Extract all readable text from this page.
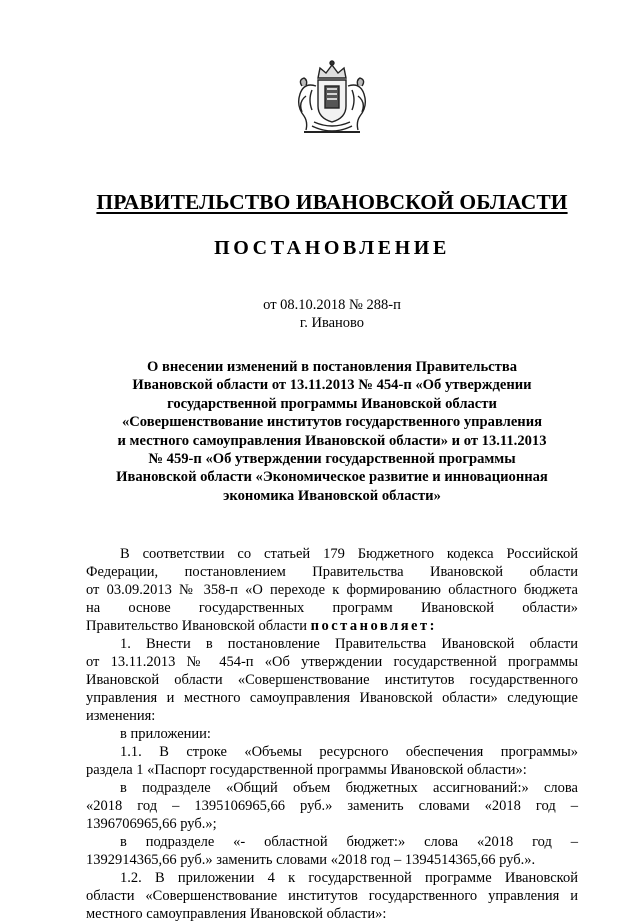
ПРАВИТЕЛЬСТВО ИВАНОВСКОЙ ОБЛАСТИ
ПОСТАНОВЛЕНИЕ
от 08.10.2018 № 288-п
г. Иваново
О внесении изменений в постановления Правительства
Ивановской области от 13.11.2013 № 454-п «Об утверждении
государственной программы Ивановской области
«Совершенствование институтов государственного управления
и местного самоуправления Ивановской области» и от 13.11.2013
№ 459-п «Об утверждении государственной программы
Ивановской области «Экономическое развитие и инновационная
экономика Ивановской области»
В соответствии со статьей 179 Бюджетного кодекса Российской
Федерации, постановлением Правительства Ивановской области
от 03.09.2013 № 358-п «О переходе к формированию областного бюджета
на основе государственных программ Ивановской области»
Правительство Ивановской области постановляет:
1. Внести в постановление Правительства Ивановской области
от 13.11.2013 № 454-п «Об утверждении государственной программы
Ивановской области «Совершенствование институтов государственного
управления и местного самоуправления Ивановской области» следующие
изменения:
в приложении:
1.1. В строке «Объемы ресурсного обеспечения программы»
раздела 1 «Паспорт государственной программы Ивановской области»:
в подразделе «Общий объем бюджетных ассигнований:» слова
«2018 год – 1395106965,66 руб.» заменить словами «2018 год –
1396706965,66 руб.»;
в подразделе «- областной бюджет:» слова «2018 год –
1392914365,66 руб.» заменить словами «2018 год – 1394514365,66 руб.».
1.2. В приложении 4 к государственной программе Ивановской
области «Совершенствование институтов государственного управления и
местного самоуправления Ивановской области»:
